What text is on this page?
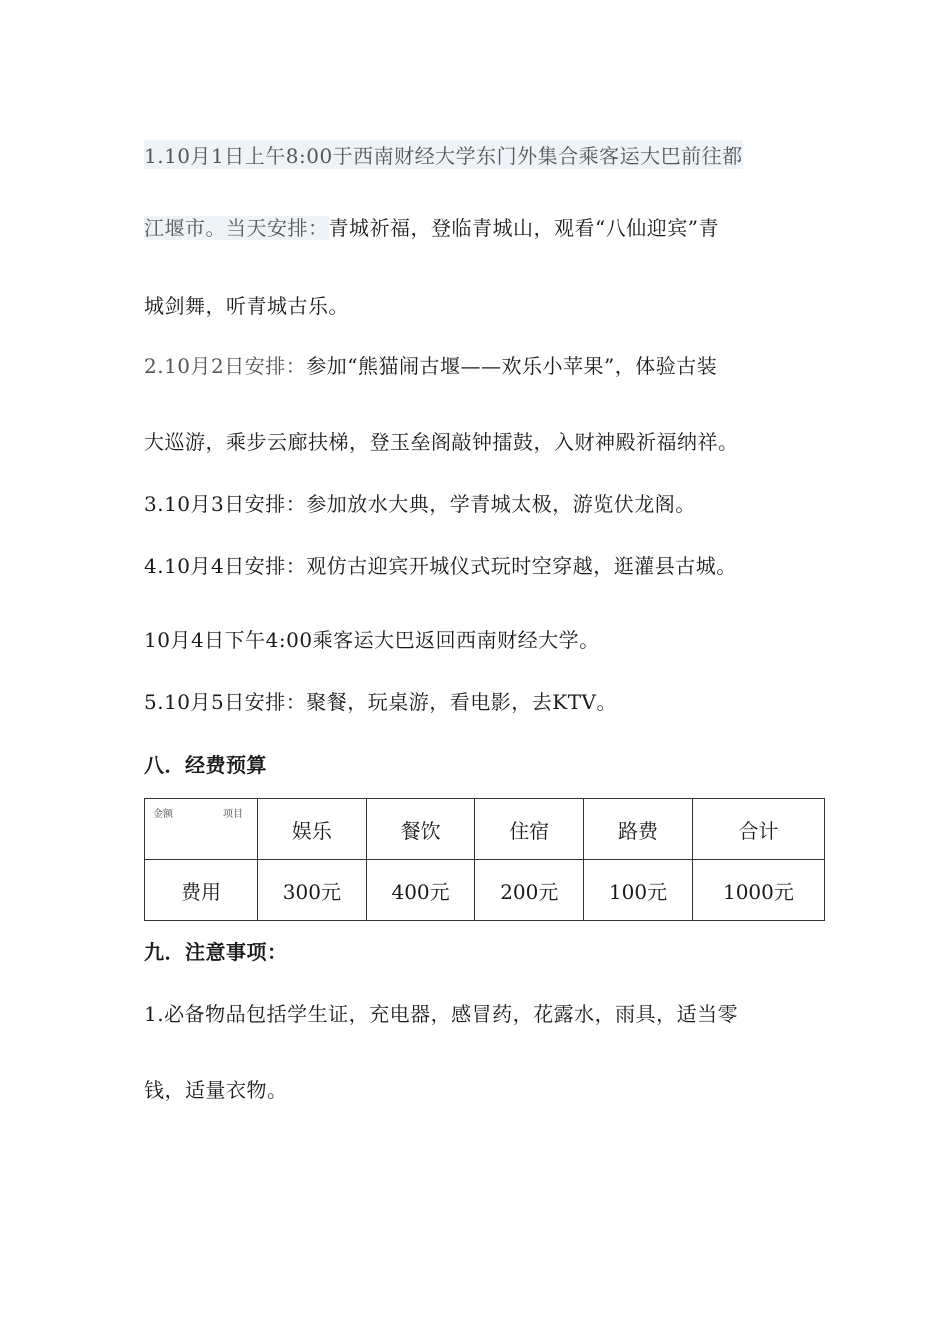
1.10月1日上午8:00于西南财经大学东门外集合乘客运大巴前往都
江堰市。当天安排：青城祈福，登临青城山，观看“八仙迎宾”青
城剑舞，听青城古乐。
2.10月2日安排：参加“熊猫闹古堰——欢乐小苹果”，体验古装
大巡游，乘步云廊扶梯，登玉垒阁敲钟擂鼓，入财神殿祈福纳祥。
3.10月3日安排：参加放水大典，学青城太极，游览伏龙阁。
4.10月4日安排：观仿古迎宾开城仪式玩时空穿越，逛灌县古城。
10月4日下午4:00乘客运大巴返回西南财经大学。
5.10月5日安排：聚餐，玩桌游，看电影，去KTV。
八．经费预算
金额 项目	娱乐	餐饮	住宿	路费	合计
费用	300元	400元	200元	100元	1000元
九．注意事项：
1.必备物品包括学生证，充电器，感冒药，花露水，雨具，适当零
钱，适量衣物。
